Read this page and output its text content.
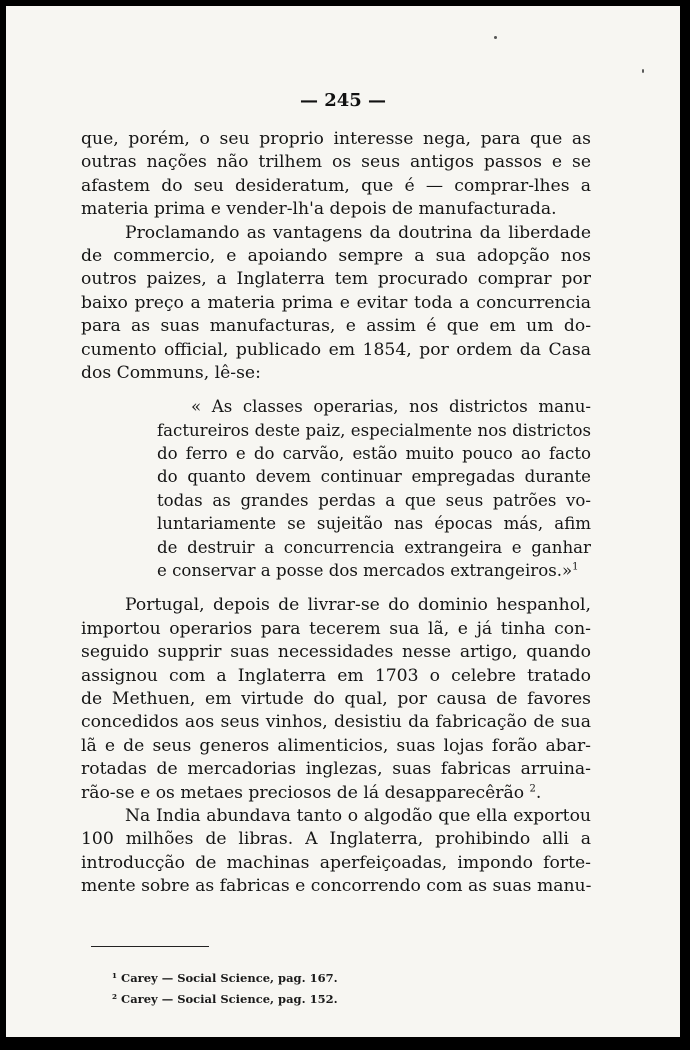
— 245 —
que, porém, o seu proprio interesse nega, para que as
outras nações não trilhem os seus antigos passos e se
afastem do seu desideratum, que é — comprar-lhes a
materia prima e vender-lh'a depois de manufacturada.
Proclamando as vantagens da doutrina da liberdade
de commercio, e apoiando sempre a sua adopção nos
outros paizes, a Inglaterra tem procurado comprar por
baixo preço a materia prima e evitar toda a concurrencia
para as suas manufacturas, e assim é que em um do-
cumento official, publicado em 1854, por ordem da Casa
dos Communs, lê-se:
« As classes operarias, nos districtos manu-
facturеiros deste paiz, especialmente nos districtos
do ferro e do carvão, estão muito pouco ao facto
do quanto devem continuar empregadas durante
todas as grandes perdas a que seus patrões vo-
luntariamente se sujeitão nas épocas más, afim
de destruir a concurrencia extrangeira e ganhar
e conservar a posse dos mercados extrangeiros.»$^1$
Portugal, depois de livrar-se do dominio hespanhol,
importou operarios para tecerem sua lã, e já tinha con-
seguido supprir suas necessidades nesse artigo, quando
assignou com a Inglaterra em 1703 o celebre tratado
de Methuen, em virtude do qual, por causa de favores
concedidos aos seus vinhos, desistiu da fabricação de sua
lã e de seus generos alimenticios, suas lojas forão abar-
rotadas de mercadorias inglezas, suas fabricas arruina-
rão-se e os metaes preciosos de lá desapparecêrão $^2$.
Na India abundava tanto o algodão que ella exportou
100 milhões de libras. A Inglaterra, prohibindo alli a
introducção de machinas aperfeiçoadas, impondo forte-
mente sobre as fabricas e concorrendo com as suas manu-
¹ Carey — Social Science, pag. 167.
² Carey — Social Science, pag. 152.
